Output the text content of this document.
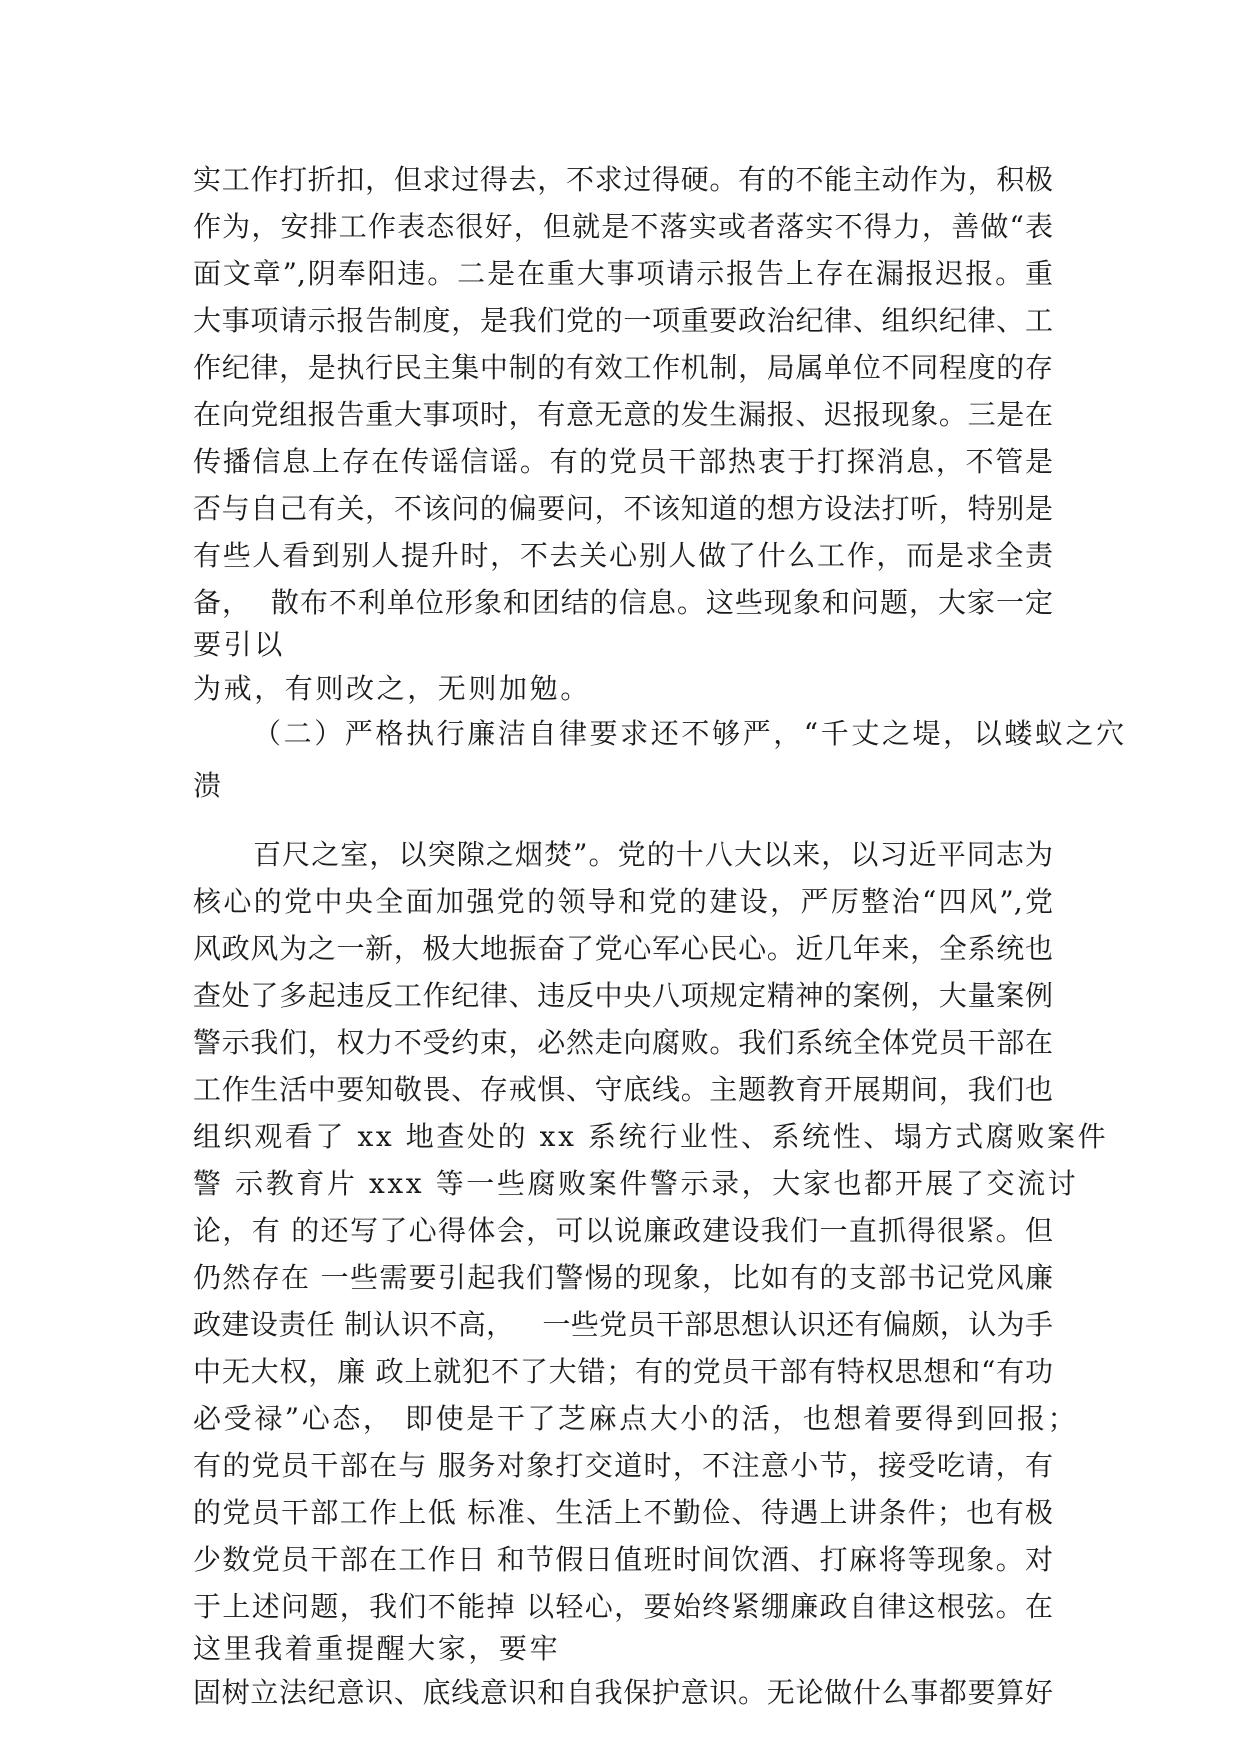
实工作打折扣，但求过得去，不求过得硬。有的不能主动作为，积极
作为，安排工作表态很好，但就是不落实或者落实不得力，善做“表
面文章”,阴奉阳违。二是在重大事项请示报告上存在漏报迟报。重
大事项请示报告制度，是我们党的一项重要政治纪律、组织纪律、工
作纪律，是执行民主集中制的有效工作机制，局属单位不同程度的存
在向党组报告重大事项时，有意无意的发生漏报、迟报现象。三是在
传播信息上存在传谣信谣。有的党员干部热衷于打探消息，不管是
否与自己有关，不该问的偏要问，不该知道的想方设法打听，特别是
有些人看到别人提升时，不去关心别人做了什么工作，而是求全责
备，  散布不利单位形象和团结的信息。这些现象和问题，大家一定
要引以
为戒，有则改之，无则加勉。
（二）严格执行廉洁自律要求还不够严，“千丈之堤，以蝼蚁之穴
溃
百尺之室，以突隙之烟焚”。党的十八大以来，以习近平同志为
核心的党中央全面加强党的领导和党的建设，严厉整治“四风”,党
风政风为之一新，极大地振奋了党心军心民心。近几年来，全系统也
查处了多起违反工作纪律、违反中央八项规定精神的案例，大量案例
警示我们，权力不受约束，必然走向腐败。我们系统全体党员干部在
工作生活中要知敬畏、存戒惧、守底线。主题教育开展期间，我们也
组织观看了 xx 地查处的 xx 系统行业性、系统性、塌方式腐败案件
警 示教育片 xxx 等一些腐败案件警示录，大家也都开展了交流讨
论，有 的还写了心得体会，可以说廉政建设我们一直抓得很紧。但
仍然存在 一些需要引起我们警惕的现象，比如有的支部书记党风廉
政建设责任 制认识不高，   一些党员干部思想认识还有偏颇，认为手
中无大权，廉 政上就犯不了大错；有的党员干部有特权思想和“有功
必受禄”心态， 即使是干了芝麻点大小的活，也想着要得到回报；
有的党员干部在与 服务对象打交道时，不注意小节，接受吃请，有
的党员干部工作上低 标准、生活上不勤俭、待遇上讲条件；也有极
少数党员干部在工作日 和节假日值班时间饮酒、打麻将等现象。对
于上述问题，我们不能掉 以轻心，要始终紧绷廉政自律这根弦。在
这里我着重提醒大家，要牢
固树立法纪意识、底线意识和自我保护意识。无论做什么事都要算好
